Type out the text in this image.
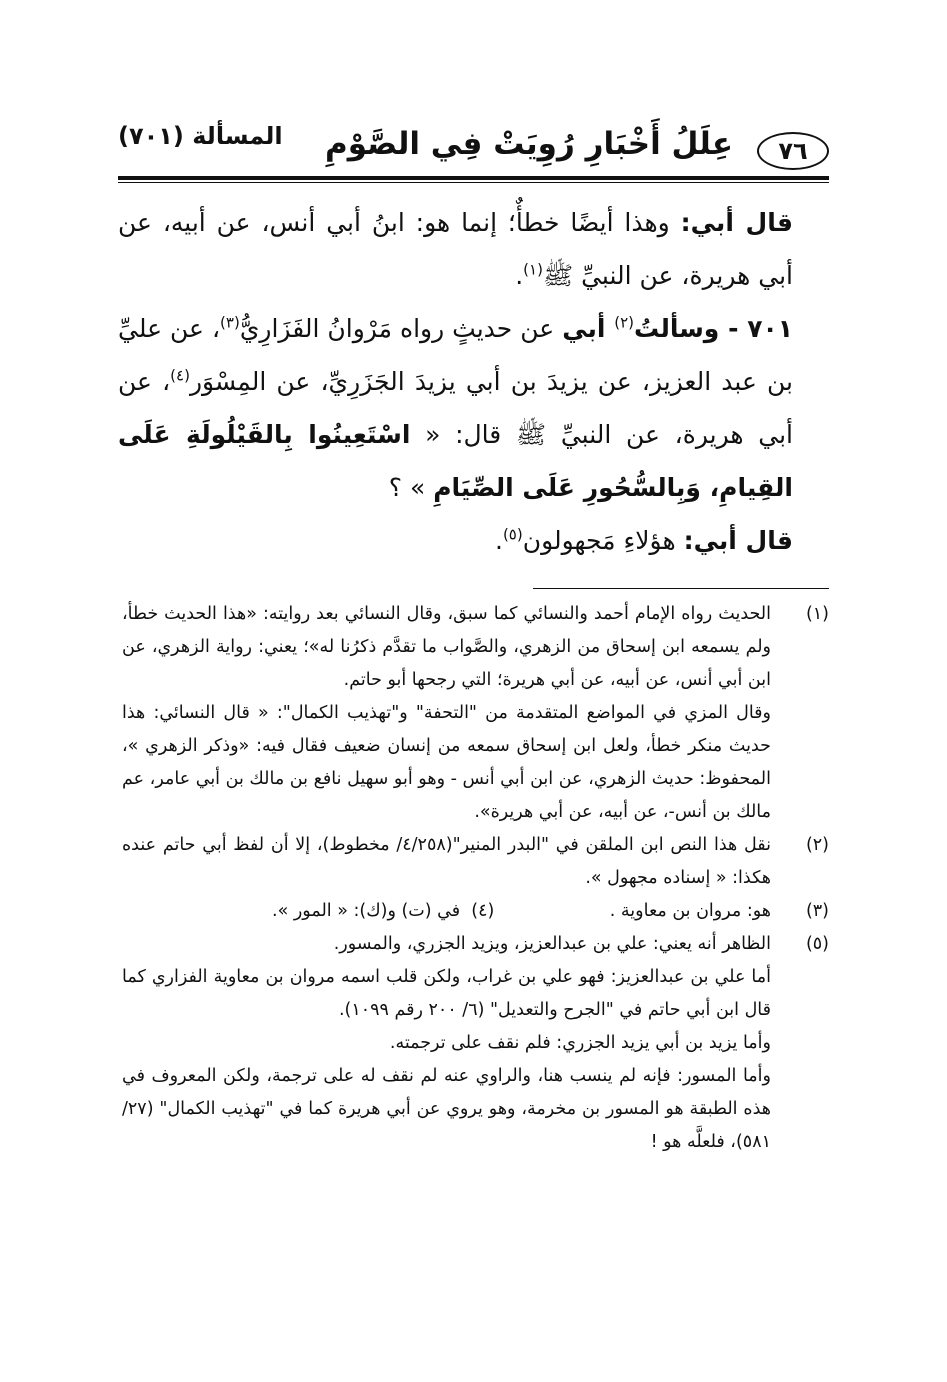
٧٦
عِلَلُ أَخْبَارِ رُوِيَتْ فِي الصَّوْمِ
المسألة (٧٠١)

قال أبي: وهذا أيضًا خطأٌ؛ إنما هو: ابنُ أبي أنس، عن أبيه، عن أبي هريرة، عن النبيِّ ﷺ$^{(١)}$.

٧٠١ - وسألتُ$^{(٢)}$ أبي عن حديثٍ رواه مَرْوانُ الفَزَارِيُّ$^{(٣)}$، عن عليِّ بن عبد العزيز، عن يزيدَ بن أبي يزيدَ الجَزَرِيِّ، عن المِسْوَر$^{(٤)}$، عن أبي هريرة، عن النبيِّ ﷺ قال: « اسْتَعِينُوا بِالقَيْلُولَةِ عَلَى القِيامِ، وَبِالسُّحُورِ عَلَى الصِّيَامِ » ؟

قال أبي: هؤلاءِ مَجهولون$^{(٥)}$.

(١)

الحديث رواه الإمام أحمد والنسائي كما سبق، وقال النسائي بعد روايته: «هذا الحديث خطأ، ولم يسمعه ابن إسحاق من الزهري، والصَّواب ما تقدَّم ذكرُنا له»؛ يعني: رواية الزهري، عن ابن أبي أنس، عن أبيه، عن أبي هريرة؛ التي رجحها أبو حاتم.

وقال المزي في المواضع المتقدمة من "التحفة" و"تهذيب الكمال": « قال النسائي: هذا حديث منكر خطأ، ولعل ابن إسحاق سمعه من إنسان ضعيف فقال فيه: «وذكر الزهري »، المحفوظ: حديث الزهري، عن ابن أبي أنس - وهو أبو سهيل نافع بن مالك بن أبي عامر، عم مالك بن أنس-، عن أبيه، عن أبي هريرة».

(٢)

نقل هذا النص ابن الملقن في "البدر المنير"(٤/٢٥٨/ مخطوط)، إلا أن لفظ أبي حاتم عنده هكذا: « إسناده مجهول ».

(٣)
هو: مروان بن معاوية .
(٤)  في (ت) و(ك): « المور ».
(٥)

الظاهر أنه يعني: علي بن عبدالعزيز، ويزيد الجزري، والمسور.

أما علي بن عبدالعزيز: فهو علي بن غراب، ولكن قلب اسمه مروان بن معاوية الفزاري كما قال ابن أبي حاتم في "الجرح والتعديل" (٦/ ٢٠٠ رقم ١٠٩٩).

وأما يزيد بن أبي يزيد الجزري: فلم نقف على ترجمته.

وأما المسور: فإنه لم ينسب هنا، والراوي عنه لم نقف له على ترجمة، ولكن المعروف في هذه الطبقة هو المسور بن مخرمة، وهو يروي عن أبي هريرة كما في "تهذيب الكمال" (٢٧/ ٥٨١)، فلعلَّه هو !
